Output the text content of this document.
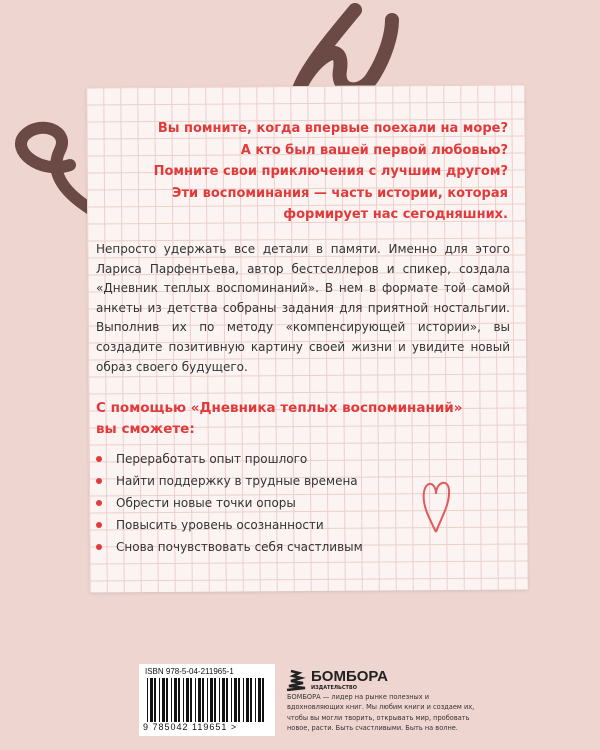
Вы помните, когда впервые поехали на море?
А кто был вашей первой любовью?
Помните свои приключения с лучшим другом?
Эти воспоминания — часть истории, которая
формирует нас сегодняшних.
Непросто удержать все детали в памяти. Именно для этого Лариса Парфентьева, автор бестселлеров и спикер, создала «Дневник теплых воспоминаний». В нем в формате той самой анкеты из детства собраны задания для приятной ностальгии. Выполнив их по методу «компенсирующей истории», вы создадите позитивную картину своей жизни и увидите новый образ своего будущего.
С помощью «Дневника теплых воспоминаний»
вы сможете:
Переработать опыт прошлого
Найти поддержку в трудные времена
Обрести новые точки опоры
Повысить уровень осознанности
Снова почувствовать себя счастливым
ISBN 978-5-04-211965-1
9 785042 119651 >
БОМБОРА
ИЗДАТЕЛЬСТВО
БОМБОРА — лидер на рынке полезных и вдохновляющих книг. Мы любим книги и создаем их, чтобы вы могли творить, открывать мир, пробовать новое, расти. Быть счастливыми. Быть на волне.
